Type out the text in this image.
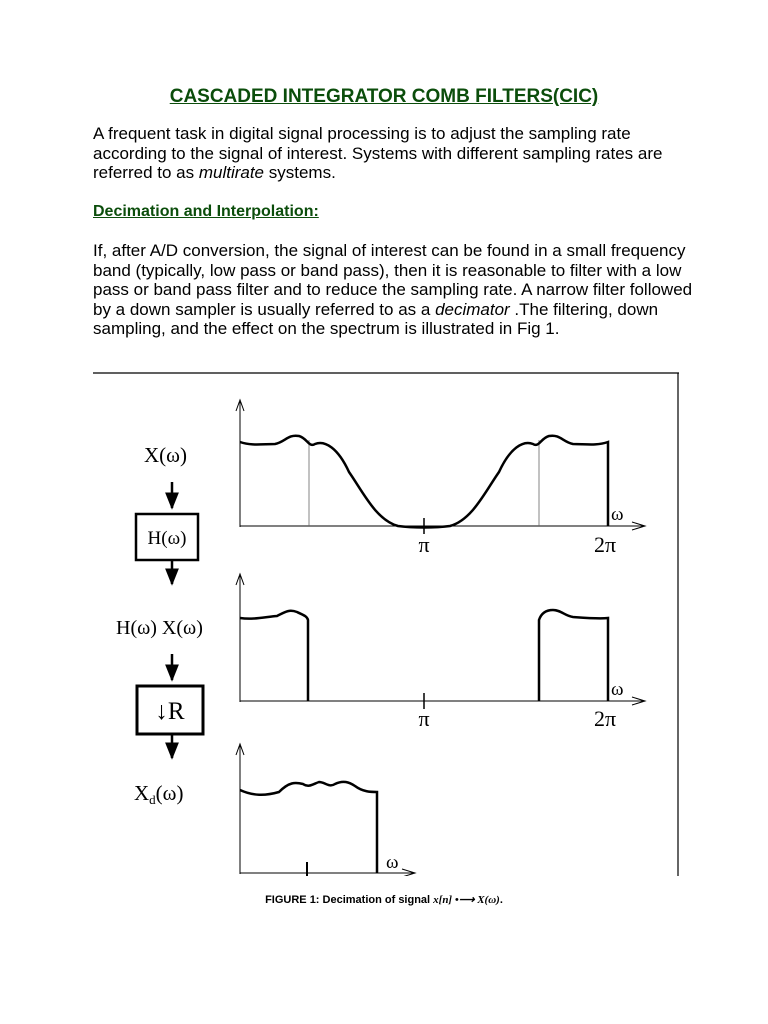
CASCADED INTEGRATOR COMB FILTERS(CIC)

A frequent task in digital signal processing is to adjust the sampling rate according to the signal of interest. Systems with different sampling rates are referred to as multirate systems.

Decimation and Interpolation:

If, after A/D conversion, the signal of interest can be found in a small frequency band (typically, low pass or band pass), then it is reasonable to filter with a low pass or band pass filter and to reduce the sampling rate. A narrow filter followed by a down sampler is usually referred to as a decimator .The filtering, down sampling, and the effect on the spectrum is illustrated in Fig 1.

X(ω)
H(ω)
H(ω) X(ω)
↓R
Xd(ω)
ω
π	2π
ω
π	2π
ω
FIGURE 1: Decimation of signal x[n] •⟶ X(ω).
